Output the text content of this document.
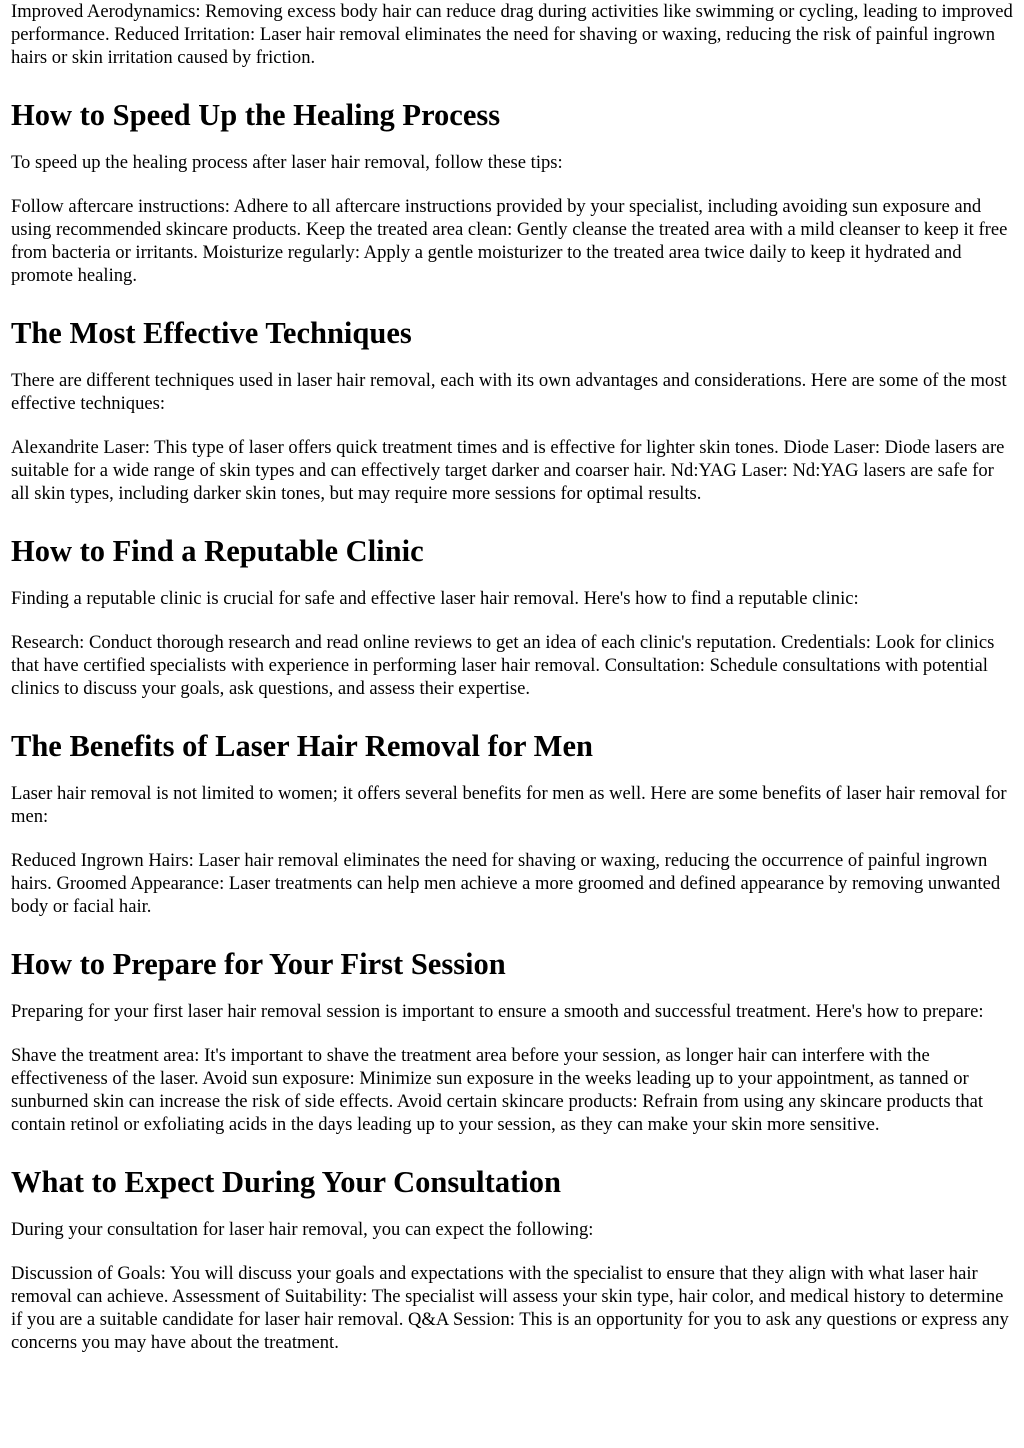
Improved Aerodynamics: Removing excess body hair can reduce drag during activities like swimming or cycling, leading to improved performance. Reduced Irritation: Laser hair removal eliminates the need for shaving or waxing, reducing the risk of painful ingrown hairs or skin irritation caused by friction.

How to Speed Up the Healing Process

To speed up the healing process after laser hair removal, follow these tips:

Follow aftercare instructions: Adhere to all aftercare instructions provided by your specialist, including avoiding sun exposure and using recommended skincare products. Keep the treated area clean: Gently cleanse the treated area with a mild cleanser to keep it free from bacteria or irritants. Moisturize regularly: Apply a gentle moisturizer to the treated area twice daily to keep it hydrated and promote healing.

The Most Effective Techniques

There are different techniques used in laser hair removal, each with its own advantages and considerations. Here are some of the most effective techniques:

Alexandrite Laser: This type of laser offers quick treatment times and is effective for lighter skin tones. Diode Laser: Diode lasers are suitable for a wide range of skin types and can effectively target darker and coarser hair. Nd:YAG Laser: Nd:YAG lasers are safe for all skin types, including darker skin tones, but may require more sessions for optimal results.

How to Find a Reputable Clinic

Finding a reputable clinic is crucial for safe and effective laser hair removal. Here's how to find a reputable clinic:

Research: Conduct thorough research and read online reviews to get an idea of each clinic's reputation. Credentials: Look for clinics that have certified specialists with experience in performing laser hair removal. Consultation: Schedule consultations with potential clinics to discuss your goals, ask questions, and assess their expertise.

The Benefits of Laser Hair Removal for Men

Laser hair removal is not limited to women; it offers several benefits for men as well. Here are some benefits of laser hair removal for men:

Reduced Ingrown Hairs: Laser hair removal eliminates the need for shaving or waxing, reducing the occurrence of painful ingrown hairs. Groomed Appearance: Laser treatments can help men achieve a more groomed and defined appearance by removing unwanted body or facial hair.

How to Prepare for Your First Session

Preparing for your first laser hair removal session is important to ensure a smooth and successful treatment. Here's how to prepare:

Shave the treatment area: It's important to shave the treatment area before your session, as longer hair can interfere with the effectiveness of the laser. Avoid sun exposure: Minimize sun exposure in the weeks leading up to your appointment, as tanned or sunburned skin can increase the risk of side effects. Avoid certain skincare products: Refrain from using any skincare products that contain retinol or exfoliating acids in the days leading up to your session, as they can make your skin more sensitive.

What to Expect During Your Consultation

During your consultation for laser hair removal, you can expect the following:

Discussion of Goals: You will discuss your goals and expectations with the specialist to ensure that they align with what laser hair removal can achieve. Assessment of Suitability: The specialist will assess your skin type, hair color, and medical history to determine if you are a suitable candidate for laser hair removal. Q&A Session: This is an opportunity for you to ask any questions or express any concerns you may have about the treatment.
